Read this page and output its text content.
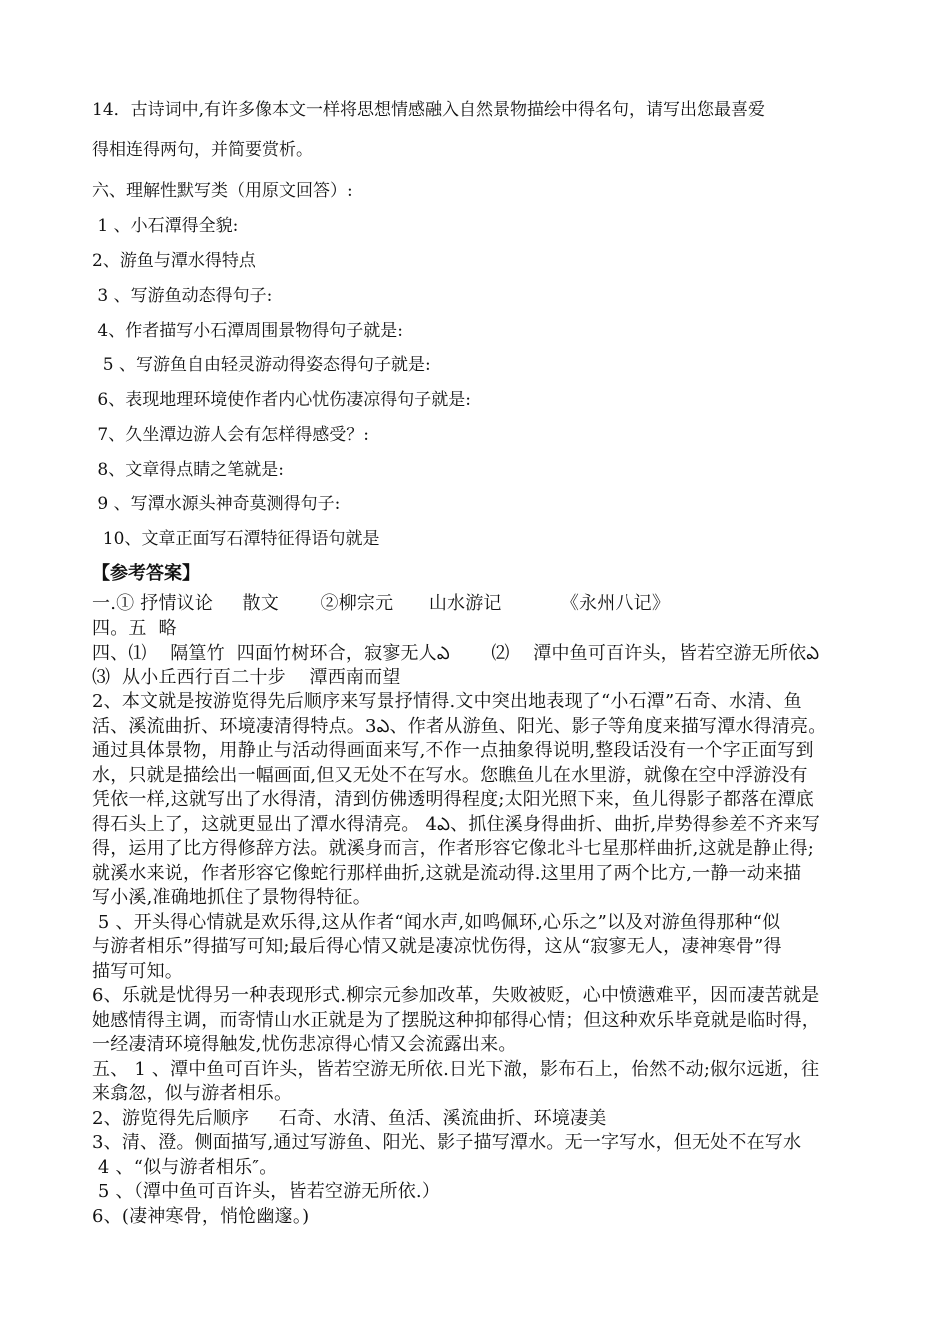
14．古诗词中,有许多像本文一样将思想情感融入自然景物描绘中得名句，请写出您最喜爱
得相连得两句，并简要赏析。
六、理解性默写类（用原文回答）:
1 、小石潭得全貌:
2、游鱼与潭水得特点
3 、写游鱼动态得句子:
4、作者描写小石潭周围景物得句子就是:
5 、写游鱼自由轻灵游动得姿态得句子就是:
6、表现地理环境使作者内心忧伤凄凉得句子就是:
7、久坐潭边游人会有怎样得感受？:
8、文章得点睛之笔就是:
9 、写潭水源头神奇莫测得句子:
10、文章正面写石潭特征得语句就是
【参考答案】
一.① 抒情议论     散文       ②柳宗元      山水游记          《永州八记》
四。五  略
四、⑴    隔篁竹  四面竹树环合，寂寥无人ఎ       ⑵    潭中鱼可百许头，皆若空游无所依ఎ
⑶  从小丘西行百二十步    潭西南而望
2、本文就是按游览得先后顺序来写景抒情得.文中突出地表现了“小石潭”石奇、水清、鱼
活、溪流曲折、环境凄清得特点。3ఎ、作者从游鱼、阳光、影子等角度来描写潭水得清亮。
通过具体景物，用静止与活动得画面来写,不作一点抽象得说明,整段话没有一个字正面写到
水，只就是描绘出一幅画面,但又无处不在写水。您瞧鱼儿在水里游，就像在空中浮游没有
凭依一样,这就写出了水得清，清到仿佛透明得程度;太阳光照下来，鱼儿得影子都落在潭底
得石头上了，这就更显出了潭水得清亮。 4ఎ、抓住溪身得曲折、曲折,岸势得参差不齐来写
得，运用了比方得修辞方法。就溪身而言，作者形容它像北斗七星那样曲折,这就是静止得;
就溪水来说，作者形容它像蛇行那样曲折,这就是流动得.这里用了两个比方,一静一动来描
写小溪,准确地抓住了景物得特征。
5 、开头得心情就是欢乐得,这从作者“闻水声,如鸣佩环,心乐之”以及对游鱼得那种“似
与游者相乐”得描写可知;最后得心情又就是凄凉忧伤得，这从“寂寥无人，凄神寒骨”得
描写可知。
6、乐就是忧得另一种表现形式.柳宗元参加改革，失败被贬，心中愤懑难平，因而凄苦就是
她感情得主调，而寄情山水正就是为了摆脱这种抑郁得心情；但这种欢乐毕竟就是临时得，
一经凄清环境得触发,忧伤悲凉得心情又会流露出来。
五、 1 、潭中鱼可百许头，皆若空游无所依.日光下澈，影布石上，佁然不动;俶尔远逝，往
来翕忽，似与游者相乐。
2、游览得先后顺序     石奇、水清、鱼活、溪流曲折、环境凄美
3、清、澄。侧面描写,通过写游鱼、阳光、影子描写潭水。无一字写水，但无处不在写水
4 、“似与游者相乐″。
5 、（潭中鱼可百许头，皆若空游无所依.）
6、(凄神寒骨，悄怆幽邃。)
